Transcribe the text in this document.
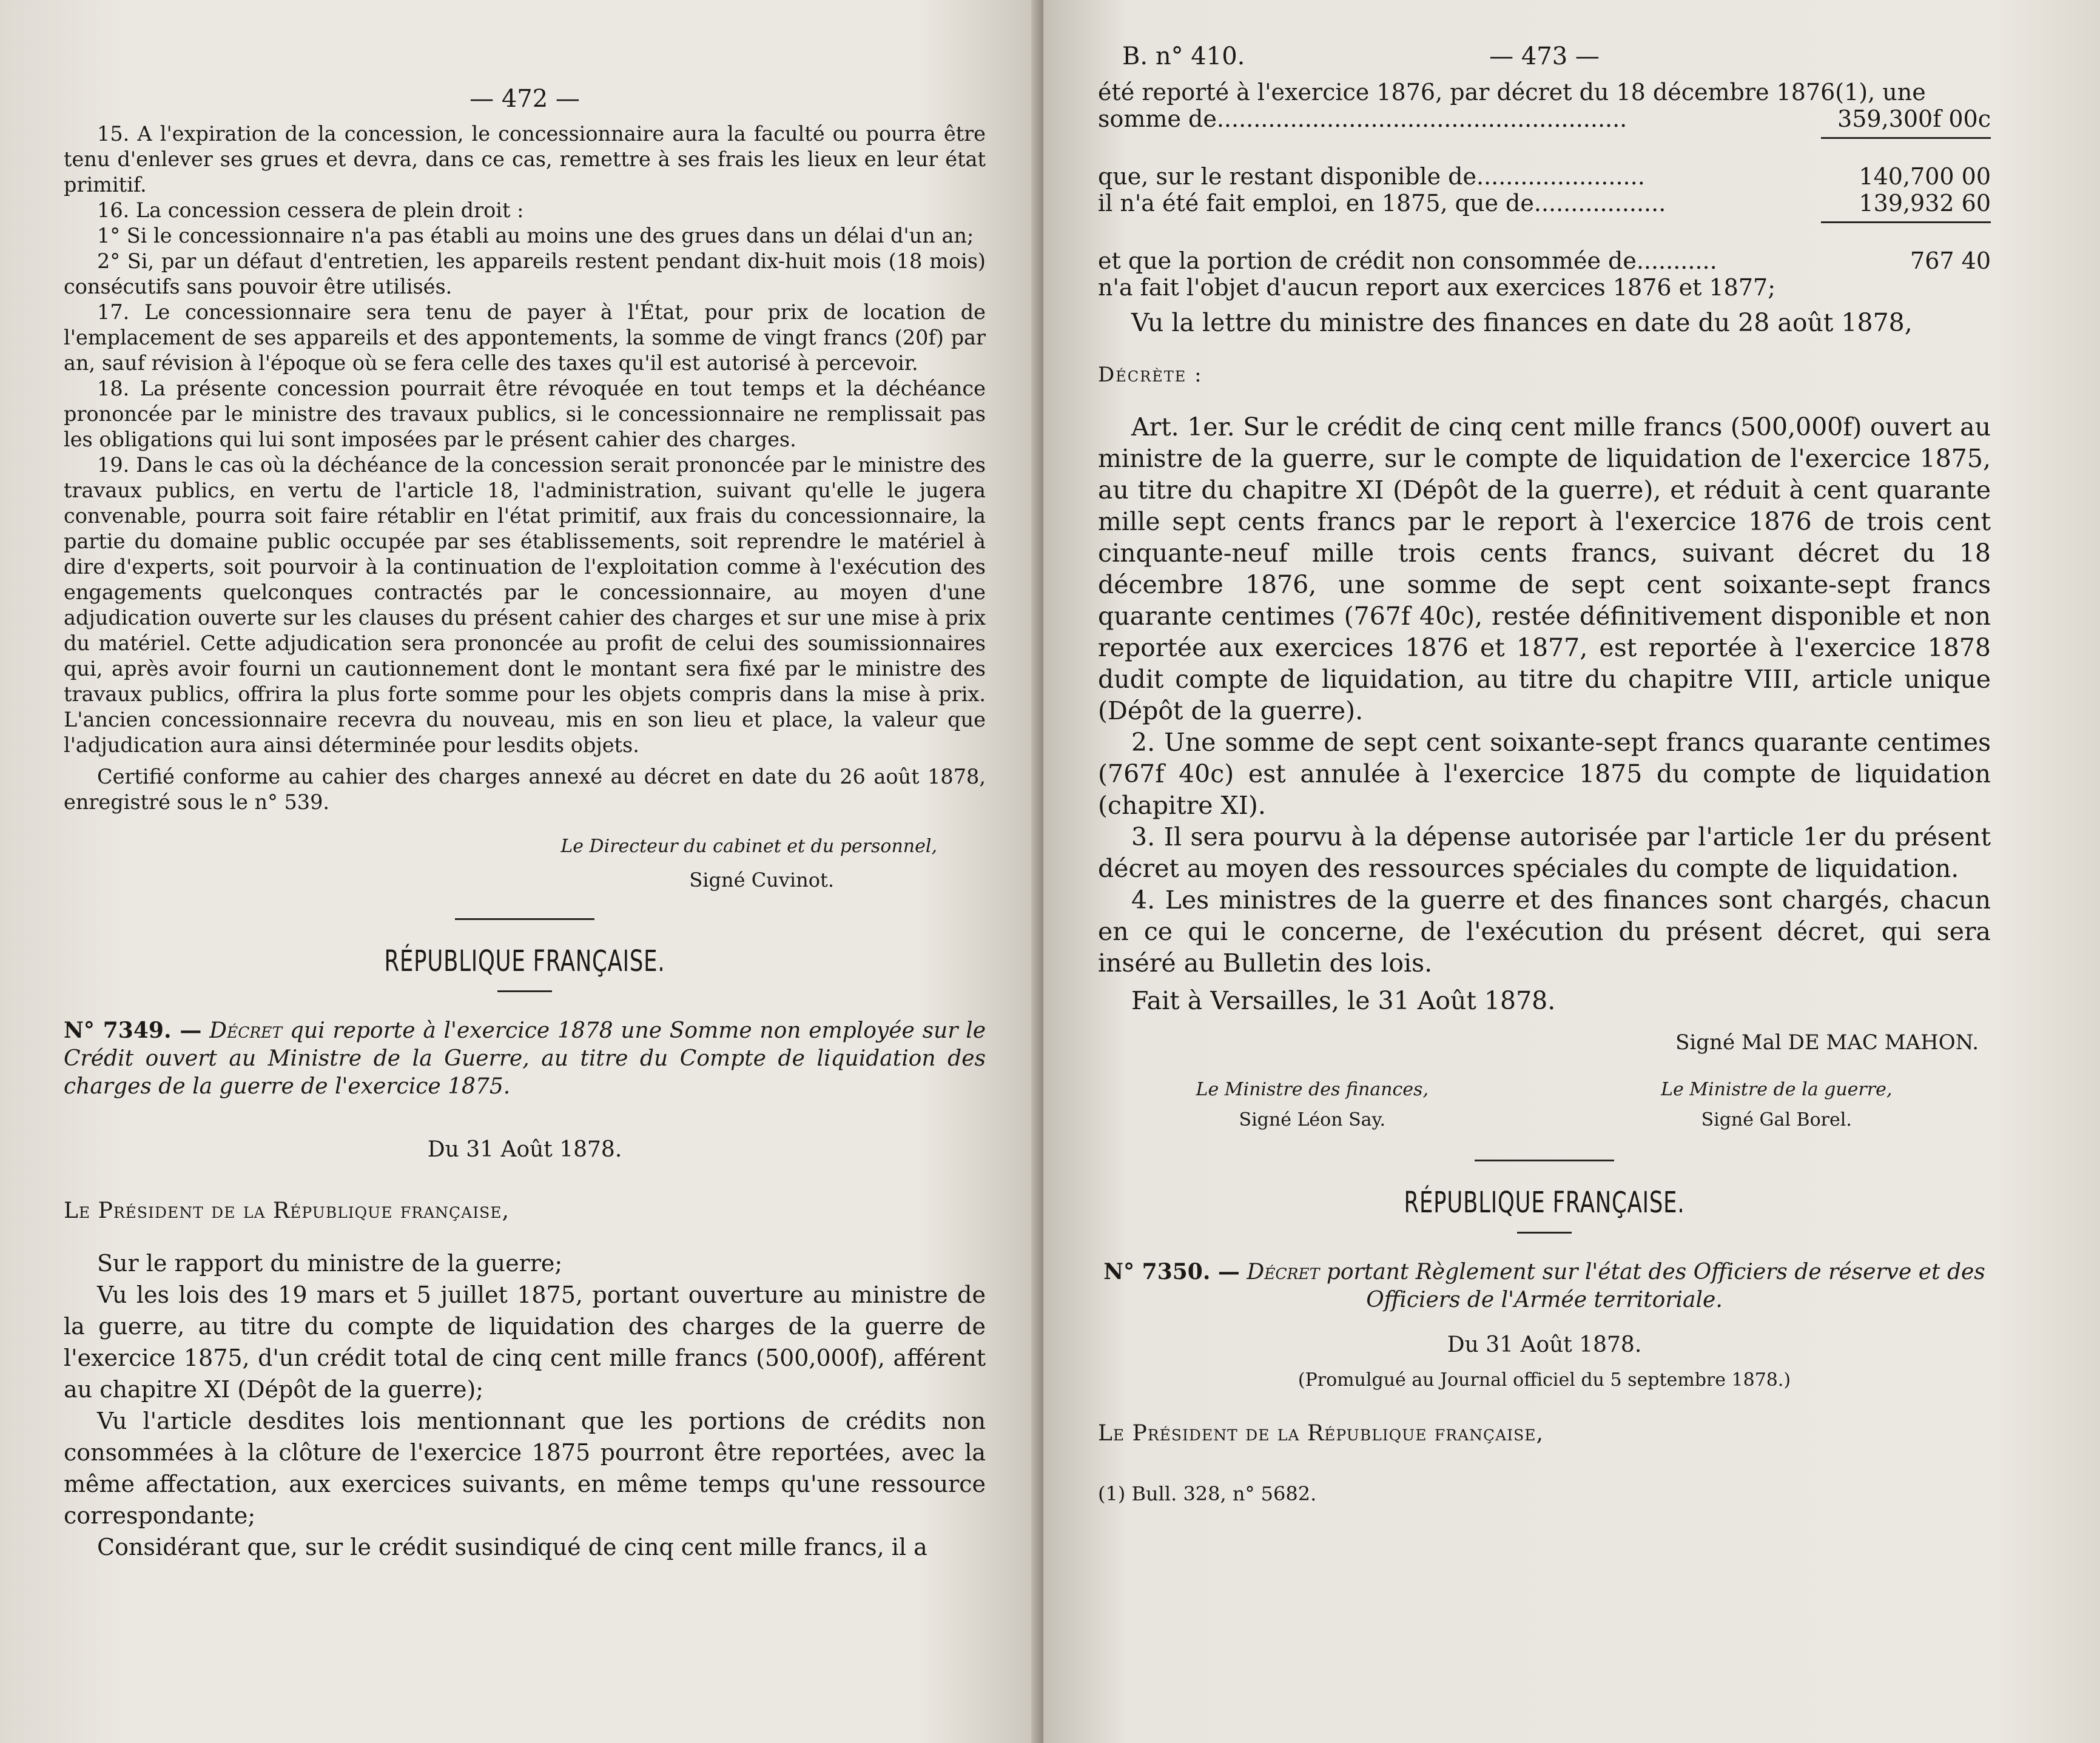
— 472 —

15. A l'expiration de la concession, le concessionnaire aura la faculté ou pourra être tenu d'enlever ses grues et devra, dans ce cas, remettre à ses frais les lieux en leur état primitif.

16. La concession cessera de plein droit :

1° Si le concessionnaire n'a pas établi au moins une des grues dans un délai d'un an;

2° Si, par un défaut d'entretien, les appareils restent pendant dix-huit mois (18 mois) consécutifs sans pouvoir être utilisés.

17. Le concessionnaire sera tenu de payer à l'État, pour prix de location de l'emplacement de ses appareils et des appontements, la somme de vingt francs (20f) par an, sauf révision à l'époque où se fera celle des taxes qu'il est autorisé à percevoir.

18. La présente concession pourrait être révoquée en tout temps et la déchéance prononcée par le ministre des travaux publics, si le concessionnaire ne remplissait pas les obligations qui lui sont imposées par le présent cahier des charges.

19. Dans le cas où la déchéance de la concession serait prononcée par le ministre des travaux publics, en vertu de l'article 18, l'administration, suivant qu'elle le jugera convenable, pourra soit faire rétablir en l'état primitif, aux frais du concessionnaire, la partie du domaine public occupée par ses établissements, soit reprendre le matériel à dire d'experts, soit pourvoir à la continuation de l'exploitation comme à l'exécution des engagements quelconques contractés par le concessionnaire, au moyen d'une adjudication ouverte sur les clauses du présent cahier des charges et sur une mise à prix du matériel. Cette adjudication sera prononcée au profit de celui des soumissionnaires qui, après avoir fourni un cautionnement dont le montant sera fixé par le ministre des travaux publics, offrira la plus forte somme pour les objets compris dans la mise à prix. L'ancien concessionnaire recevra du nouveau, mis en son lieu et place, la valeur que l'adjudication aura ainsi déterminée pour lesdits objets.

Certifié conforme au cahier des charges annexé au décret en date du 26 août 1878, enregistré sous le n° 539.

Le Directeur du cabinet et du personnel,
Signé Cuvinot.
RÉPUBLIQUE FRANÇAISE.

N° 7349. — Décret qui reporte à l'exercice 1878 une Somme non employée sur le Crédit ouvert au Ministre de la Guerre, au titre du Compte de liquidation des charges de la guerre de l'exercice 1875.

Du 31 Août 1878.
Le Président de la République française,

Sur le rapport du ministre de la guerre;

Vu les lois des 19 mars et 5 juillet 1875, portant ouverture au ministre de la guerre, au titre du compte de liquidation des charges de la guerre de l'exercice 1875, d'un crédit total de cinq cent mille francs (500,000f), afférent au chapitre XI (Dépôt de la guerre);

Vu l'article desdites lois mentionnant que les portions de crédits non consommées à la clôture de l'exercice 1875 pourront être reportées, avec la même affectation, aux exercices suivants, en même temps qu'une ressource correspondante;

Considérant que, sur le crédit susindiqué de cinq cent mille francs, il a

B. n° 410.	— 473 —
été reporté à l'exercice 1876, par décret du 18 décembre 1876(1), une
somme de........................................................	359,300f 00c
que, sur le restant disponible de.......................	140,700 00
il n'a été fait emploi, en 1875, que de..................	139,932 60
et que la portion de crédit non consommée de...........	767 40
n'a fait l'objet d'aucun report aux exercices 1876 et 1877;

Vu la lettre du ministre des finances en date du 28 août 1878,

Décrète :

Art. 1er. Sur le crédit de cinq cent mille francs (500,000f) ouvert au ministre de la guerre, sur le compte de liquidation de l'exercice 1875, au titre du chapitre XI (Dépôt de la guerre), et réduit à cent quarante mille sept cents francs par le report à l'exercice 1876 de trois cent cinquante-neuf mille trois cents francs, suivant décret du 18 décembre 1876, une somme de sept cent soixante-sept francs quarante centimes (767f 40c), restée définitivement disponible et non reportée aux exercices 1876 et 1877, est reportée à l'exercice 1878 dudit compte de liquidation, au titre du chapitre VIII, article unique (Dépôt de la guerre).

2. Une somme de sept cent soixante-sept francs quarante centimes (767f 40c) est annulée à l'exercice 1875 du compte de liquidation (chapitre XI).

3. Il sera pourvu à la dépense autorisée par l'article 1er du présent décret au moyen des ressources spéciales du compte de liquidation.

4. Les ministres de la guerre et des finances sont chargés, chacun en ce qui le concerne, de l'exécution du présent décret, qui sera inséré au Bulletin des lois.

Fait à Versailles, le 31 Août 1878.

Signé Mal DE MAC MAHON.
Le Ministre des finances,
Signé Léon Say.
Le Ministre de la guerre,
Signé Gal Borel.
RÉPUBLIQUE FRANÇAISE.

N° 7350. — Décret portant Règlement sur l'état des Officiers de réserve et des Officiers de l'Armée territoriale.

Du 31 Août 1878.
(Promulgué au Journal officiel du 5 septembre 1878.)
Le Président de la République française,
(1) Bull. 328, n° 5682.
